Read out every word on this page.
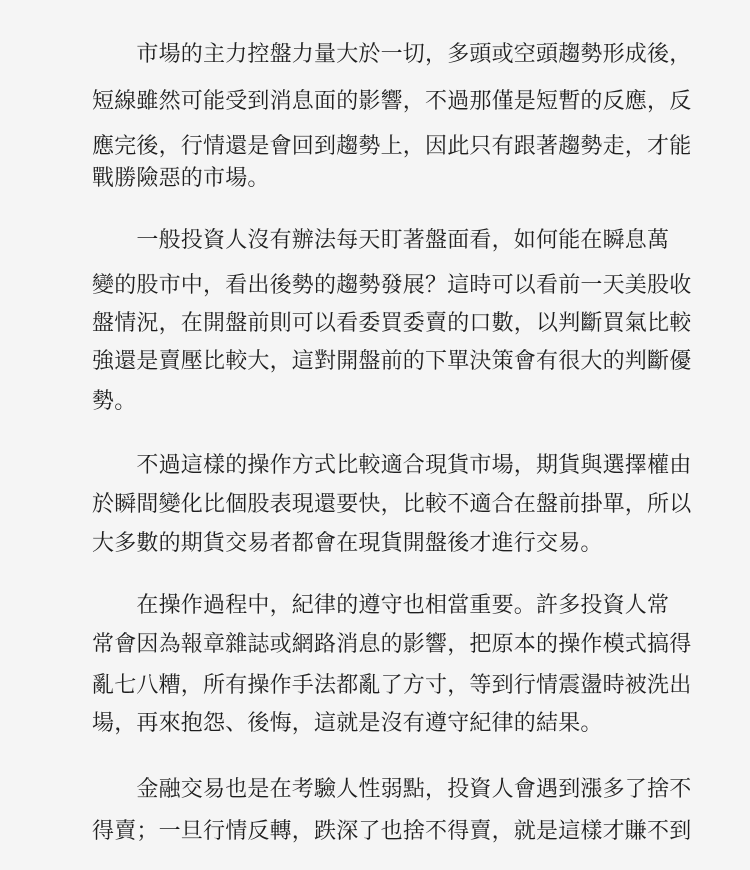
　　市場的主力控盤力量大於一切，多頭或空頭趨勢形成後，
短線雖然可能受到消息面的影響，不過那僅是短暫的反應，反
應完後，行情還是會回到趨勢上，因此只有跟著趨勢走，才能
戰勝險惡的市場。
　　一般投資人沒有辦法每天盯著盤面看，如何能在瞬息萬
變的股市中，看出後勢的趨勢發展？這時可以看前一天美股收
盤情況，在開盤前則可以看委買委賣的口數，以判斷買氣比較
強還是賣壓比較大，這對開盤前的下單決策會有很大的判斷優
勢。
　　不過這樣的操作方式比較適合現貨市場，期貨與選擇權由
於瞬間變化比個股表現還要快，比較不適合在盤前掛單，所以
大多數的期貨交易者都會在現貨開盤後才進行交易。
　　在操作過程中，紀律的遵守也相當重要。許多投資人常
常會因為報章雜誌或網路消息的影響，把原本的操作模式搞得
亂七八糟，所有操作手法都亂了方寸，等到行情震盪時被洗出
場，再來抱怨、後悔，這就是沒有遵守紀律的結果。
　　金融交易也是在考驗人性弱點，投資人會遇到漲多了捨不
得賣；一旦行情反轉，跌深了也捨不得賣，就是這樣才賺不到
